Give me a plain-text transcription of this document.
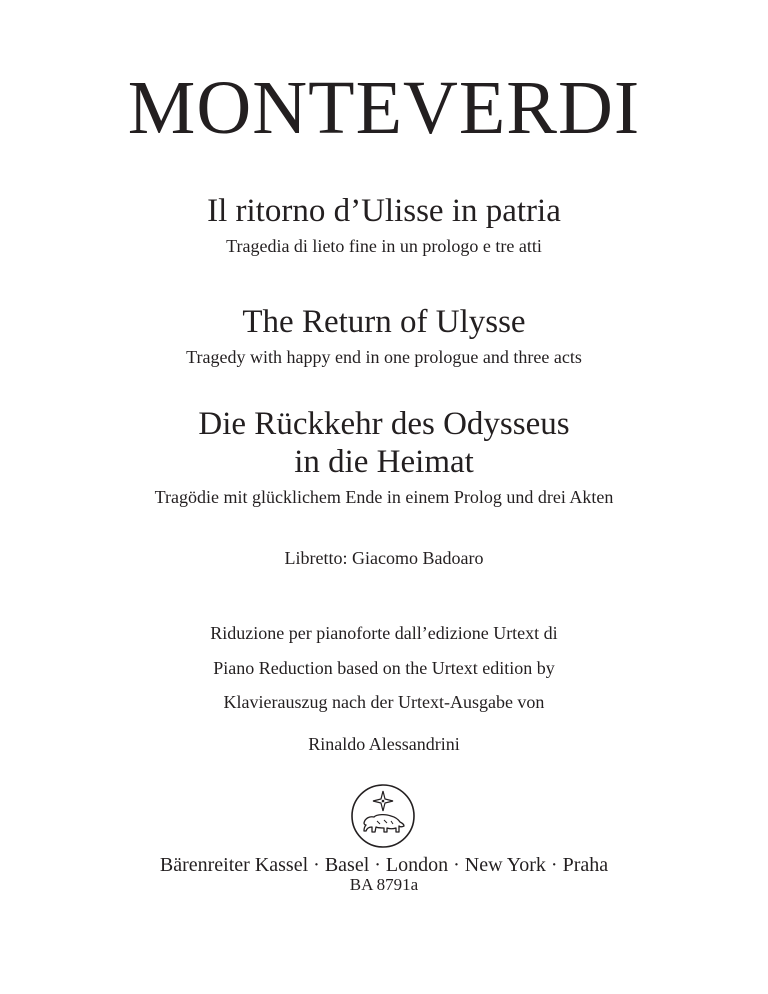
MONTEVERDI
Il ritorno d’Ulisse in patria
Tragedia di lieto fine in un prologo e tre atti
The Return of Ulysse
Tragedy with happy end in one prologue and three acts
Die Rückkehr des Odysseus
in die Heimat
Tragödie mit glücklichem Ende in einem Prolog und drei Akten
Libretto: Giacomo Badoaro
Riduzione per pianoforte dall’edizione Urtext di
Piano Reduction based on the Urtext edition by
Klavierauszug nach der Urtext-Ausgabe von
Rinaldo Alessandrini
Bärenreiter Kassel · Basel · London · New York · Praha
BA 8791a
